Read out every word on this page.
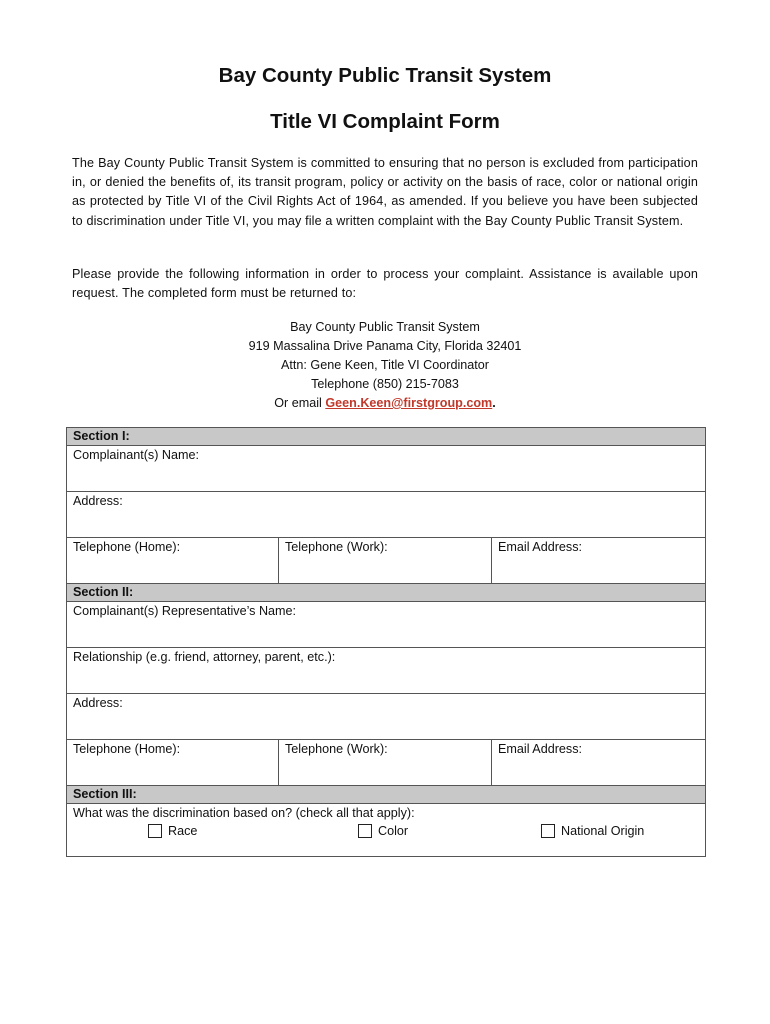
Bay County Public Transit System
Title VI Complaint Form
The Bay County Public Transit System is committed to ensuring that no person is excluded from participation in, or denied the benefits of, its transit program, policy or activity on the basis of race, color or national origin as protected by Title VI of the Civil Rights Act of 1964, as amended. If you believe you have been subjected to discrimination under Title VI, you may file a written complaint with the Bay County Public Transit System.
Please provide the following information in order to process your complaint. Assistance is available upon request. The completed form must be returned to:
Bay County Public Transit System
919 Massalina Drive Panama City, Florida 32401
Attn: Gene Keen, Title VI Coordinator
Telephone (850) 215-7083
Or email Geen.Keen@firstgroup.com.
Section I:		

Complainant(s) Name:		

Address:		

Telephone (Home):	Telephone (Work):	Email Address:

Section II:		

Complainant(s) Representative’s Name:		

Relationship (e.g. friend, attorney, parent, etc.):		

Address:		

Telephone (Home):	Telephone (Work):	Email Address:

Section III:		

What was the discrimination based on? (check all that apply):
Race Color National Origin		
